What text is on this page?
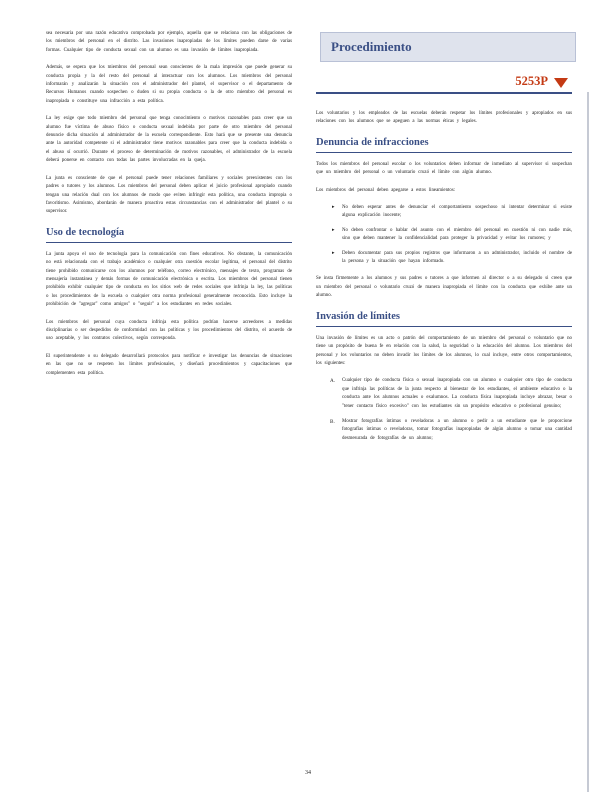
sea necesaria por una razón educativa comprobada por ejemplo, aquella que se relaciona con las obligaciones de los miembros del personal en el distrito. Las invasiones inapropiadas de los límites pueden darse de varias formas. Cualquier tipo de conducta sexual con un alumno es una invasión de límites inapropiada.

Además, se espera que los miembros del personal sean conscientes de la mala impresión que puede generar su conducta propia y la del resto del personal al interactuar con los alumnos. Los miembros del personal informarán y analizarán la situación con el administrador del plantel, el supervisor o el departamento de Recursos Humanos cuando sospechen o duden si su propia conducta o la de otro miembro del personal es inapropiada o constituye una infracción a esta política.

La ley exige que todo miembro del personal que tenga conocimiento o motivos razonables para creer que un alumno fue víctima de abuso físico o conducta sexual indebida por parte de otro miembro del personal denuncie dicha situación al administrador de la escuela correspondiente. Esto hará que se presente una denuncia ante la autoridad competente si el administrador tiene motivos razonables para creer que la conducta indebida o el abuso sí ocurrió. Durante el proceso de determinación de motivos razonables, el administrador de la escuela deberá ponerse en contacto con todas las partes involucradas en la queja.

La junta es consciente de que el personal puede tener relaciones familiares y sociales preexistentes con los padres o tutores y los alumnos. Los miembros del personal deben aplicar el juicio profesional apropiado cuando tengan una relación dual con los alumnos de modo que eviten infringir esta política, una conducta impropia o favoritismo. Asimismo, abordarán de manera proactiva estas circunstancias con el administrador del plantel o su supervisor.

Uso de tecnología

La junta apoya el uso de tecnología para la comunicación con fines educativos. No obstante, la comunicación no está relacionada con el trabajo académico o cualquier otra cuestión escolar legítima, el personal del distrito tiene prohibido comunicarse con los alumnos por teléfono, correo electrónico, mensajes de texto, programas de mensajería instantánea y demás formas de comunicación electrónica o escrita. Los miembros del personal tienen prohibido exhibir cualquier tipo de conducta en los sitios web de redes sociales que infrinja la ley, las políticas o los procedimientos de la escuela o cualquier otra norma profesional generalmente reconocida. Esto incluye la prohibición de "agregar" como amigos" o "seguir" a los estudiantes en redes sociales.

Los miembros del personal cuya conducta infrinja esta política podrían hacerse acreedores a medidas disciplinarias o ser despedidos de conformidad con las políticas y los procedimientos del distrito, el acuerdo de uso aceptable, y los contratos colectivos, según corresponda.

El superintendente o su delegado desarrollará protocolos para notificar e investigar las denuncias de situaciones en las que no se respeten los límites profesionales, y diseñará procedimientos y capacitaciones que complementen esta política.

Procedimiento
5253P

Los voluntarios y los empleados de las escuelas deberán respetar los límites profesionales y apropiados en sus relaciones con los alumnos que se apeguen a las normas éticas y legales.

Denuncia de infracciones

Todos los miembros del personal escolar o los voluntarios deben informar de inmediato al supervisor si sospechan que un miembro del personal o un voluntario cruzó el límite con algún alumno.

Los miembros del personal deben apegarse a estos lineamientos:

▸	No deben esperar antes de denunciar el comportamiento sospechoso ni intentar determinar si existe alguna explicación inocente;

▸	No deben confrontar o hablar del asunto con el miembro del personal en cuestión ni con nadie más, sino que deben mantener la confidencialidad para proteger la privacidad y evitar los rumores; y

▸	Deben documentar para sus propios registros que informaron a un administrador, incluido el nombre de la persona y la situación que hayan informado.

Se insta firmemente a los alumnos y sus padres o tutores a que informen al director o a su delegado si creen que un miembro del personal o voluntario cruzó de manera inapropiada el límite con la conducta que exhibe ante un alumno.

Invasión de límites

Una invasión de límites es un acto o patrón del comportamiento de un miembro del personal o voluntario que no tiene un propósito de buena fe en relación con la salud, la seguridad o la educación del alumno. Los miembros del personal y los voluntarios no deben invadir los límites de los alumnos, lo cual incluye, entre otros comportamientos, los siguientes:

A.	Cualquier tipo de conducta física o sexual inapropiada con un alumno o cualquier otro tipo de conducta que infrinja las políticas de la junta respecto al bienestar de los estudiantes, el ambiente educativo o la conducta ante los alumnos actuales o exalumnos. La conducta física inapropiada incluye abrazar, besar o "tener contacto físico excesivo" con los estudiantes sin un propósito educativo o profesional genuino;

B.	Mostrar fotografías íntimas o reveladoras a un alumno o pedir a un estudiante que le proporcione fotografías íntimas o reveladoras, tomar fotografías inapropiadas de algún alumno o tomar una cantidad desmesurada de fotografías de un alumno;

34
